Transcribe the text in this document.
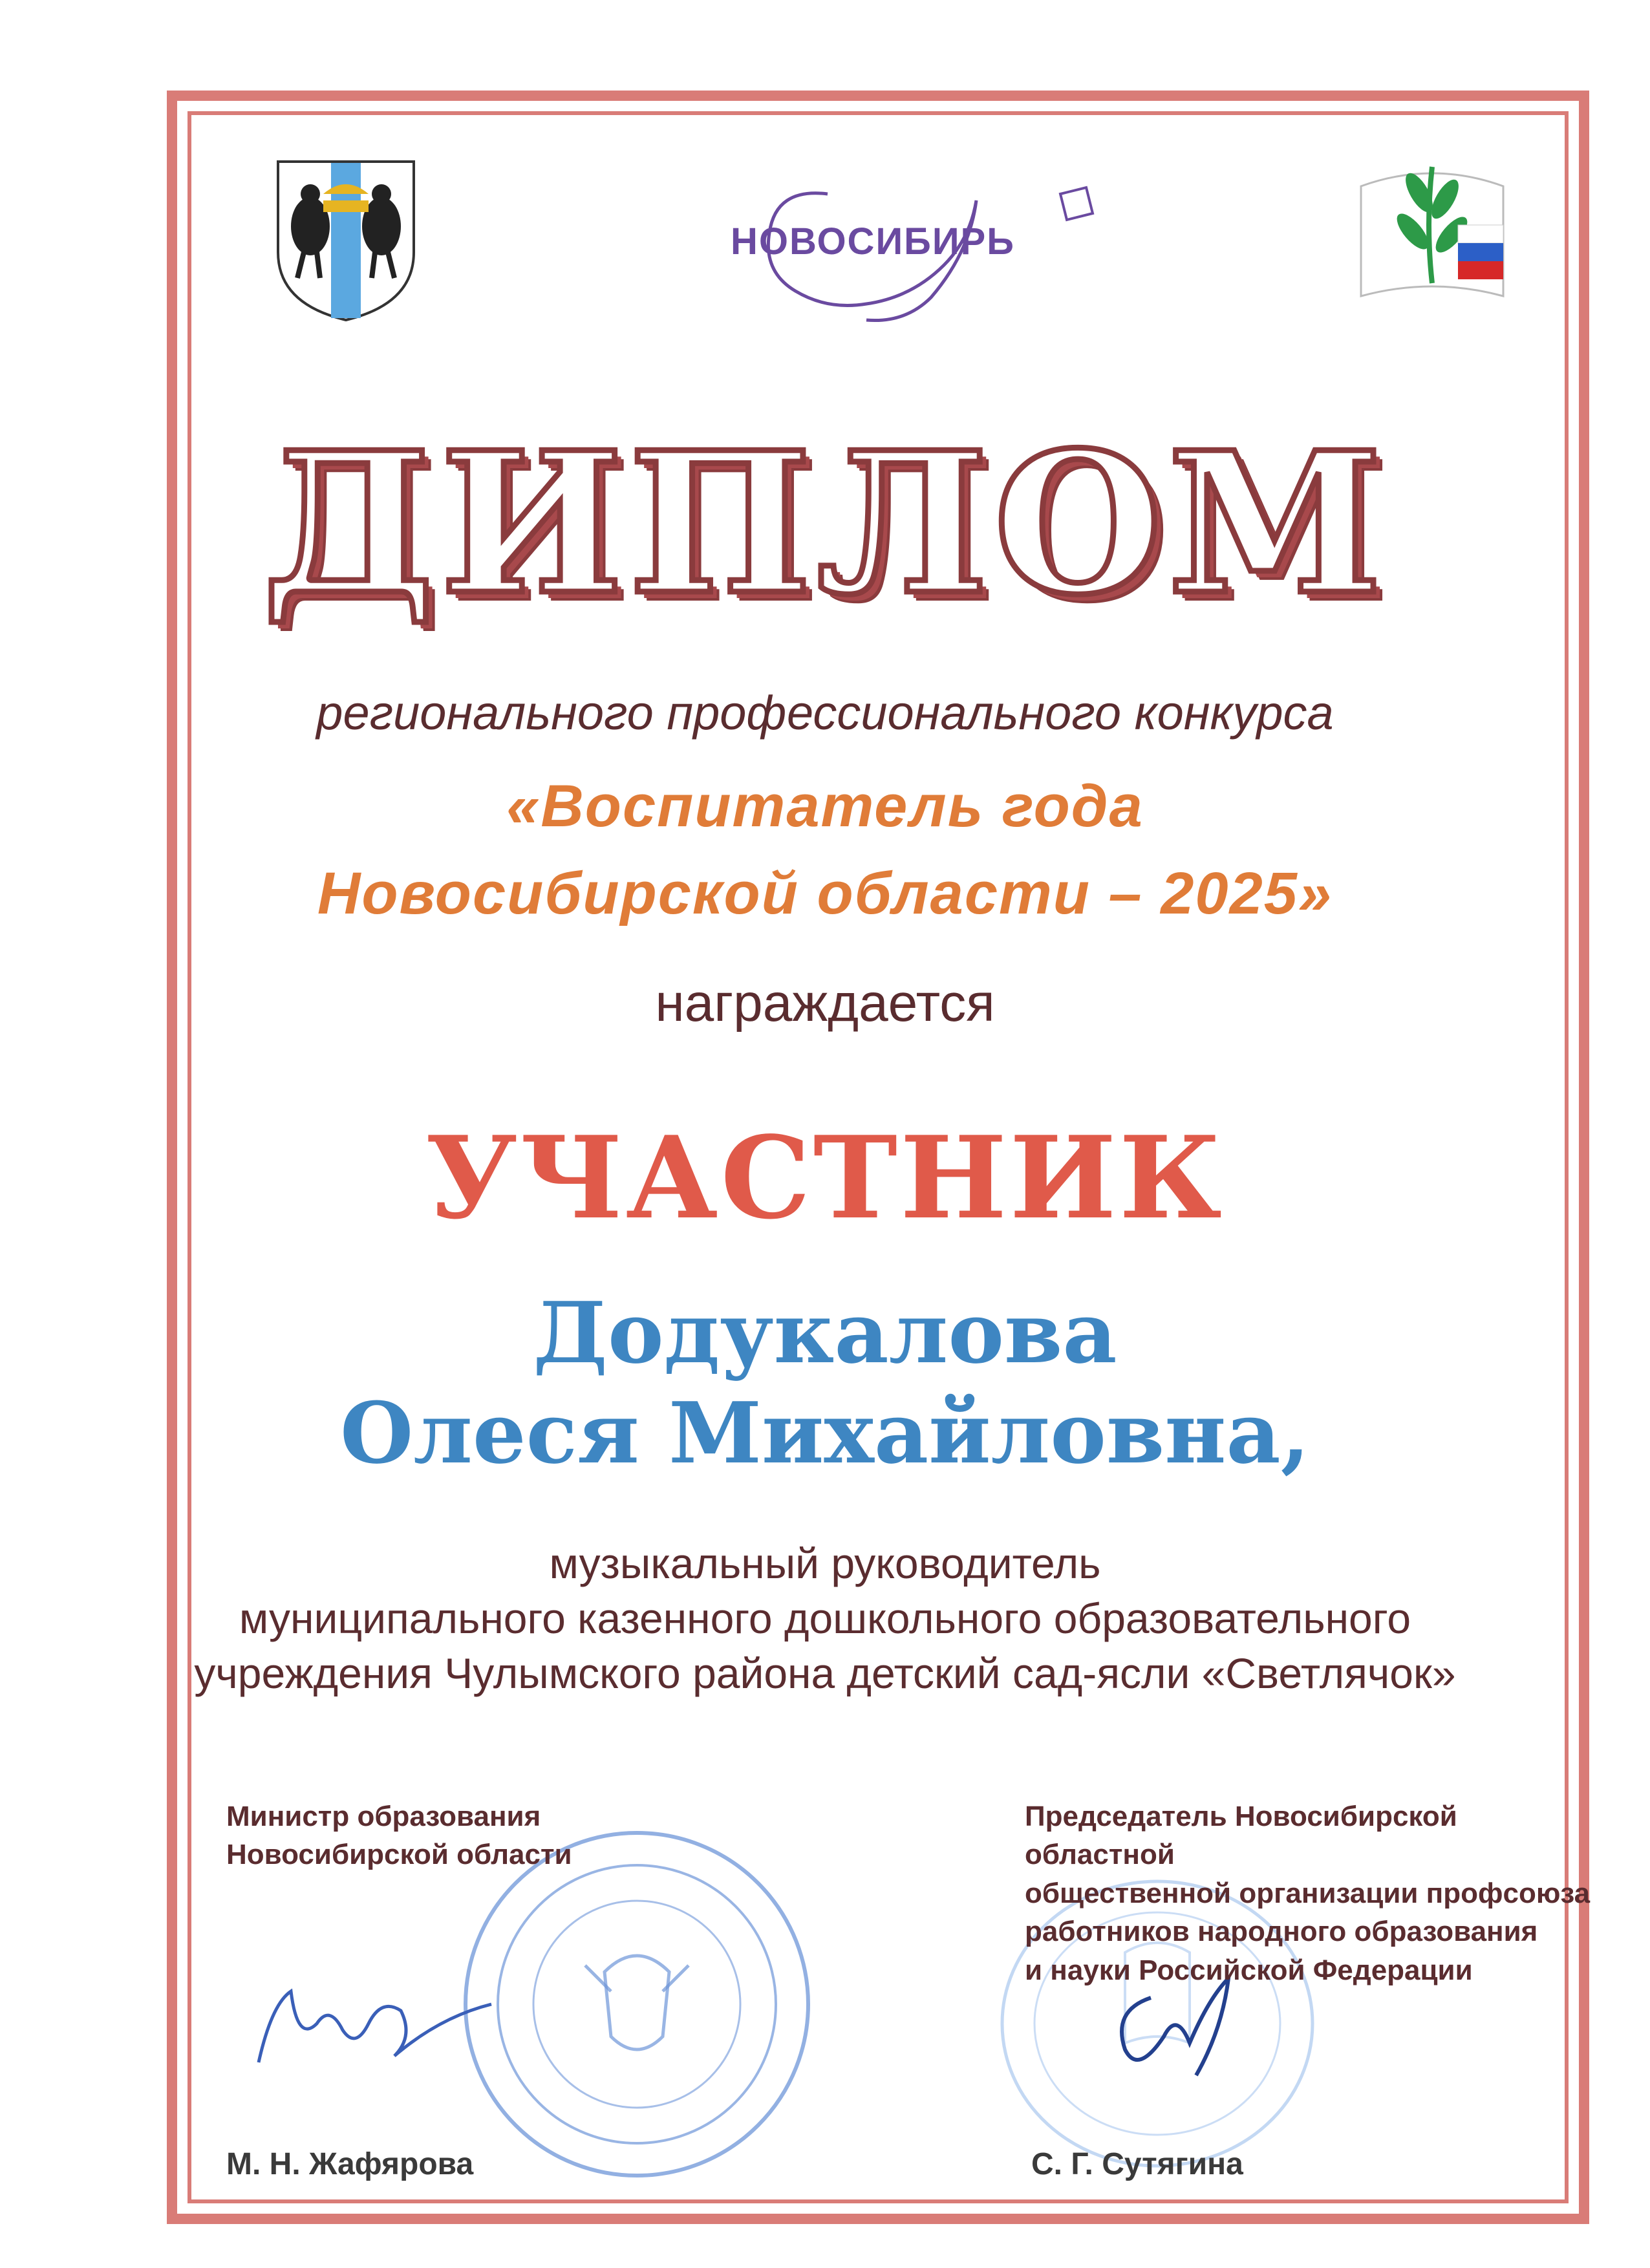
НОВОСИБИРЬ
ДИПЛОМ
регионального профессионального конкурса
«Воспитатель года
Новосибирской области – 2025»
награждается
УЧАСТНИК
Додукалова
Олеся Михайловна,
музыкальный руководитель
муниципального казенного дошкольного образовательного
учреждения Чулымского района детский сад-ясли «Светлячок»
Министр образования
Новосибирской области
Председатель Новосибирской областной
общественной организации профсоюза
работников народного образования
и науки Российской Федерации
М. Н. Жафярова	С. Г. Сутягина
